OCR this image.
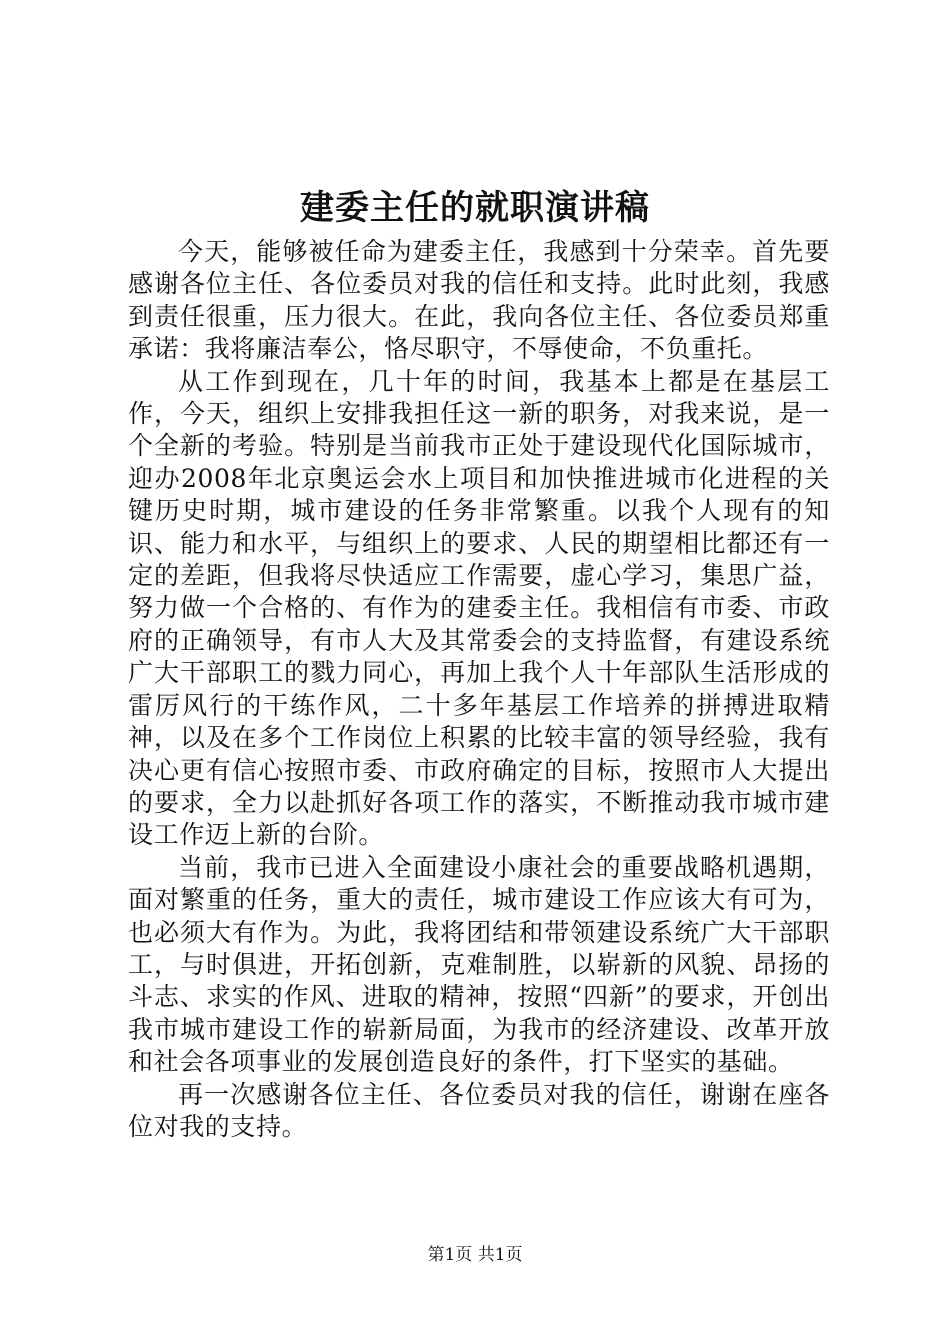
建委主任的就职演讲稿

今天，能够被任命为建委主任，我感到十分荣幸。首先要感谢各位主任、各位委员对我的信任和支持。此时此刻，我感到责任很重，压力很大。在此，我向各位主任、各位委员郑重承诺：我将廉洁奉公，恪尽职守，不辱使命，不负重托。

从工作到现在，几十年的时间，我基本上都是在基层工作，今天，组织上安排我担任这一新的职务，对我来说，是一个全新的考验。特别是当前我市正处于建设现代化国际城市，迎办2008年北京奥运会水上项目和加快推进城市化进程的关键历史时期，城市建设的任务非常繁重。以我个人现有的知识、能力和水平，与组织上的要求、人民的期望相比都还有一定的差距，但我将尽快适应工作需要，虚心学习，集思广益，努力做一个合格的、有作为的建委主任。我相信有市委、市政府的正确领导，有市人大及其常委会的支持监督，有建设系统广大干部职工的戮力同心，再加上我个人十年部队生活形成的雷厉风行的干练作风，二十多年基层工作培养的拼搏进取精神，以及在多个工作岗位上积累的比较丰富的领导经验，我有决心更有信心按照市委、市政府确定的目标，按照市人大提出的要求，全力以赴抓好各项工作的落实，不断推动我市城市建设工作迈上新的台阶。

当前，我市已进入全面建设小康社会的重要战略机遇期，面对繁重的任务，重大的责任，城市建设工作应该大有可为，也必须大有作为。为此，我将团结和带领建设系统广大干部职工，与时俱进，开拓创新，克难制胜，以崭新的风貌、昂扬的斗志、求实的作风、进取的精神，按照“四新”的要求，开创出我市城市建设工作的崭新局面，为我市的经济建设、改革开放和社会各项事业的发展创造良好的条件，打下坚实的基础。

再一次感谢各位主任、各位委员对我的信任，谢谢在座各位对我的支持。

第1页 共1页
